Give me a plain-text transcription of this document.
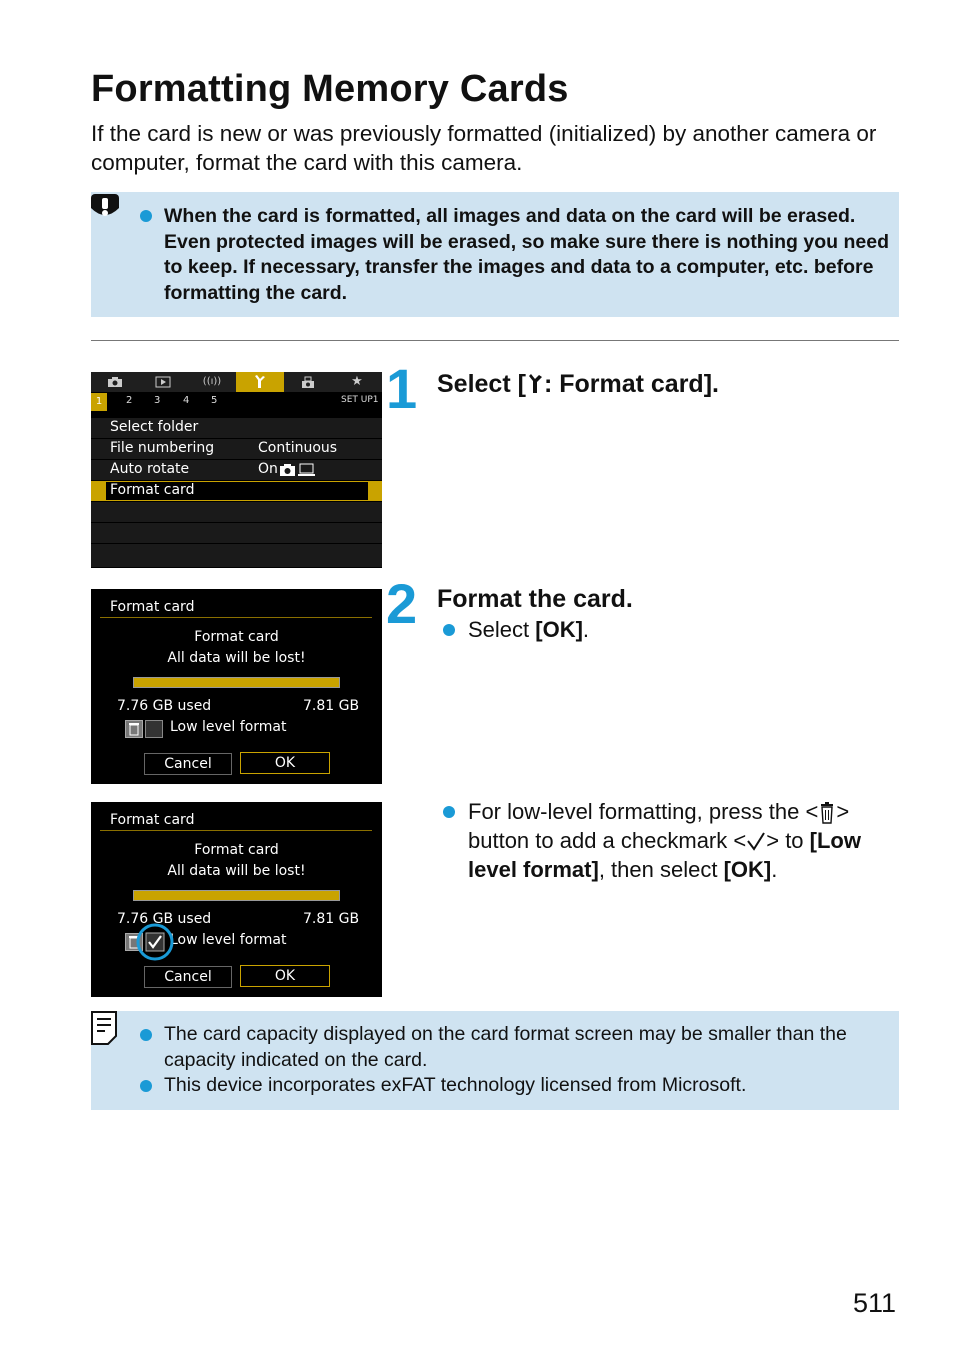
Formatting Memory Cards

If the card is new or was previously formatted (initialized) by another camera or computer, format the card with this camera.

When the card is formatted, all images and data on the card will be erased. Even protected images will be erased, so make sure there is nothing you need to keep. If necessary, transfer the images and data to a computer, etc. before formatting the card.

((ı))	★
1	2 3 4 5	SET UP1
Select folder
File numbering	Continuous
Auto rotate	On
Format card
1 Select [ : Format card].

Format card
Format card
All data will be lost!
7.76 GB used	7.81 GB
Low level format
Cancel	OK
2 Format the card.

Select [OK].

Format card
Format card
All data will be lost!
7.76 GB used	7.81 GB
Low level format
Cancel	OK

For low-level formatting, press the < > button to add a checkmark < > to [Low level format], then select [OK].

The card capacity displayed on the card format screen may be smaller than the capacity indicated on the card.

This device incorporates exFAT technology licensed from Microsoft.

511
